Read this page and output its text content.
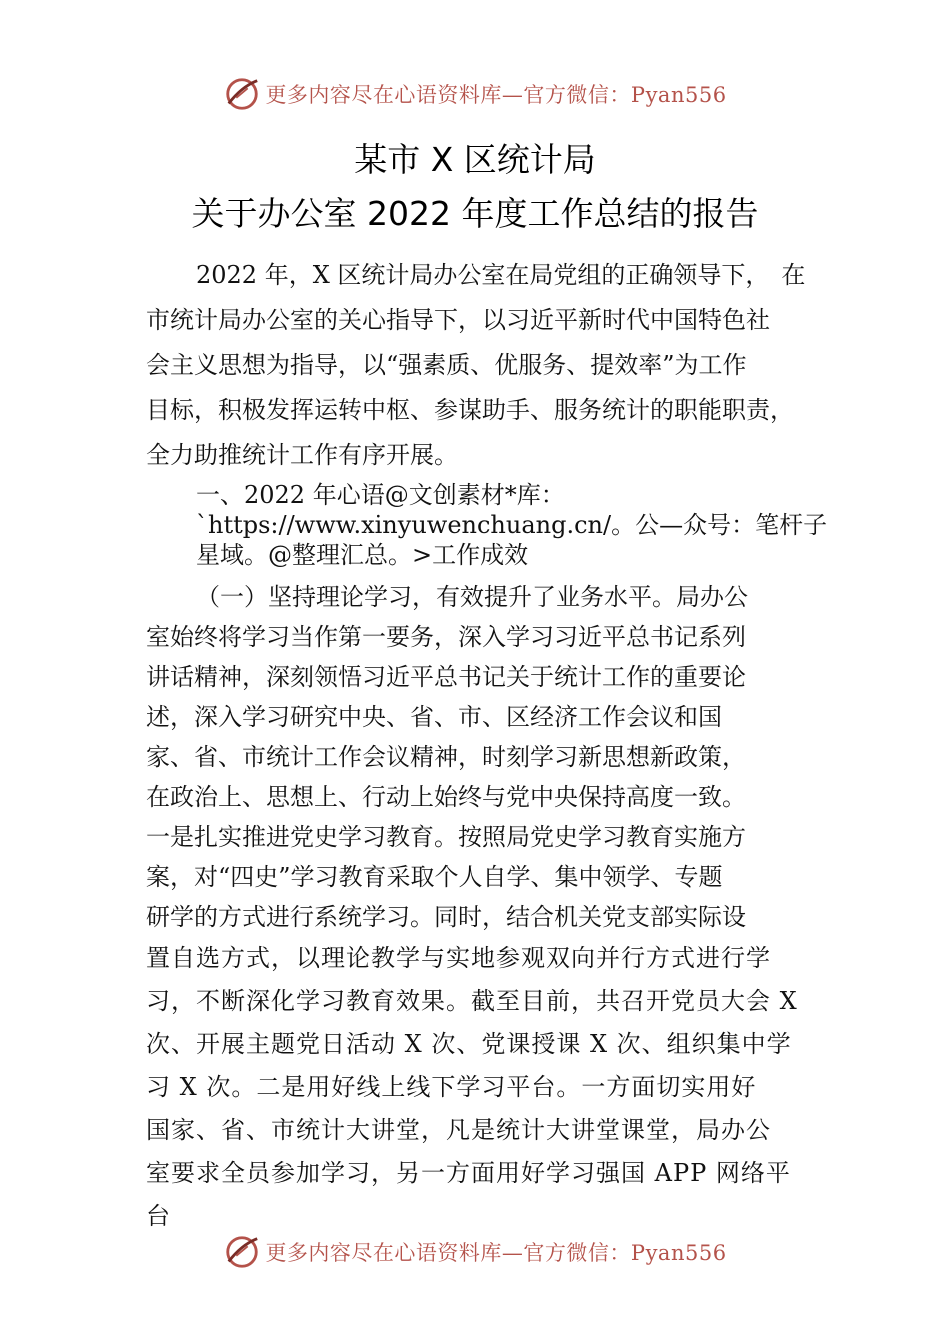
更多内容尽在心语资料库—官方微信：Pyan556
某市 X 区统计局
关于办公室 2022 年度工作总结的报告
2022 年，X 区统计局办公室在局党组的正确领导下，　在
市统计局办公室的关心指导下，以习近平新时代中国特色社
会主义思想为指导，以“强素质、优服务、提效率”为工作
目标，积极发挥运转中枢、参谋助手、服务统计的职能职责，
全力助推统计工作有序开展。
一、2022 年心语@文创素材*库：
`https://www.xinyuwenchuang.cn/。公—众号：笔杆子
星域。@整理汇总。>工作成效
（一）坚持理论学习，有效提升了业务水平。局办公
室始终将学习当作第一要务，深入学习习近平总书记系列
讲话精神，深刻领悟习近平总书记关于统计工作的重要论
述，深入学习研究中央、省、市、区经济工作会议和国
家、省、市统计工作会议精神，时刻学习新思想新政策，
在政治上、思想上、行动上始终与党中央保持高度一致。
一是扎实推进党史学习教育。按照局党史学习教育实施方
案，对“四史”学习教育采取个人自学、集中领学、专题
研学的方式进行系统学习。同时，结合机关党支部实际设
置自选方式，以理论教学与实地参观双向并行方式进行学
习，不断深化学习教育效果。截至目前，共召开党员大会 X
次、开展主题党日活动 X 次、党课授课 X 次、组织集中学
习 X 次。二是用好线上线下学习平台。一方面切实用好
国家、省、市统计大讲堂，凡是统计大讲堂课堂，局办公
室要求全员参加学习，另一方面用好学习强国 APP 网络平
台
更多内容尽在心语资料库—官方微信：Pyan556
